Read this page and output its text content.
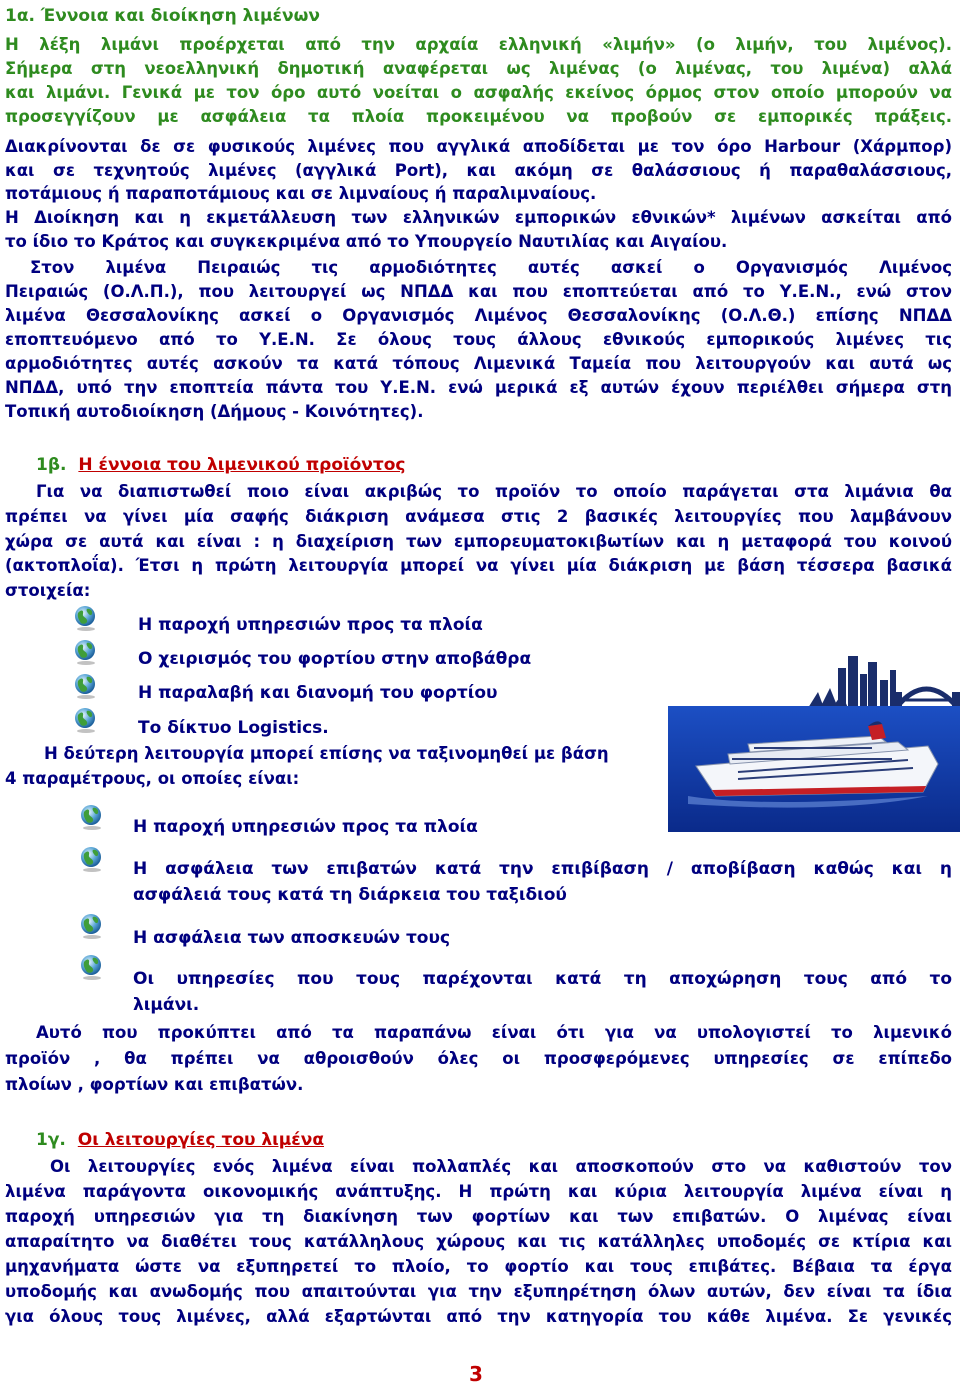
1α. Έννοια και διοίκηση λιμένων
Η λέξη λιμάνι προέρχεται από την αρχαία ελληνική «λιμήν» (ο λιμήν, του λιμένος).
Σήμερα στη νεοελληνική δημοτική αναφέρεται ως λιμένας (ο λιμένας, του λιμένα) αλλά
και λιμάνι. Γενικά με τον όρο αυτό νοείται ο ασφαλής εκείνος όρμος στον οποίο μπορούν να
προσεγγίζουν με ασφάλεια τα πλοία προκειμένου να προβούν σε εμπορικές πράξεις.
Διακρίνονται δε σε φυσικούς λιμένες που αγγλικά αποδίδεται με τον όρο Harbour (Χάρμπορ)
και σε τεχνητούς λιμένες (αγγλικά Port), και ακόμη σε θαλάσσιους ή παραθαλάσσιους,
ποτάμιους ή παραποτάμιους και σε λιμναίους ή παραλιμναίους.
Η Διοίκηση και η εκμετάλλευση των ελληνικών εμπορικών εθνικών* λιμένων ασκείται από
το ίδιο το Κράτος και συγκεκριμένα από το Υπουργείο Ναυτιλίας και Αιγαίου.
Στον λιμένα Πειραιώς τις αρμοδιότητες αυτές ασκεί ο Οργανισμός Λιμένος
Πειραιώς (Ο.Λ.Π.), που λειτουργεί ως ΝΠΔΔ και που εποπτεύεται από το Υ.Ε.Ν., ενώ στον
λιμένα Θεσσαλονίκης ασκεί ο Οργανισμός Λιμένος Θεσσαλονίκης (Ο.Λ.Θ.) επίσης ΝΠΔΔ
εποπτευόμενο από το Υ.Ε.Ν. Σε όλους τους άλλους εθνικούς εμπορικούς λιμένες τις
αρμοδιότητες αυτές ασκούν τα κατά τόπους Λιμενικά Ταμεία που λειτουργούν και αυτά ως
ΝΠΔΔ, υπό την εποπτεία πάντα του Υ.Ε.Ν. ενώ μερικά εξ αυτών έχουν περιέλθει σήμερα στη
Τοπική αυτοδιοίκηση (Δήμους - Κοινότητες).
1β. Η έννοια του λιμενικού προϊόντος
Για να διαπιστωθεί ποιο είναι ακριβώς το προϊόν το οποίο παράγεται στα λιμάνια θα
πρέπει να γίνει μία σαφής διάκριση ανάμεσα στις 2 βασικές λειτουργίες που λαμβάνουν
χώρα σε αυτά και είναι : η διαχείριση των εμπορευματοκιβωτίων και η μεταφορά του κοινού
(ακτοπλοΐα). Έτσι η πρώτη λειτουργία μπορεί να γίνει μία διάκριση με βάση τέσσερα βασικά
στοιχεία:
Η παροχή υπηρεσιών προς τα πλοία
Ο χειρισμός του φορτίου στην αποβάθρα
Η παραλαβή και διανομή του φορτίου
Το δίκτυο Logistics.
Η δεύτερη λειτουργία μπορεί επίσης να ταξινομηθεί με βάση
4 παραμέτρους, οι οποίες είναι:
Η παροχή υπηρεσιών προς τα πλοία
Η ασφάλεια των επιβατών κατά την επιβίβαση / αποβίβαση καθώς και η
ασφάλειά τους κατά τη διάρκεια του ταξιδιού
Η ασφάλεια των αποσκευών τους
Οι υπηρεσίες που τους παρέχονται κατά τη αποχώρηση τους από το
λιμάνι.
Αυτό που προκύπτει από τα παραπάνω είναι ότι για να υπολογιστεί το λιμενικό
προϊόν , θα πρέπει να αθροισθούν όλες οι προσφερόμενες υπηρεσίες σε επίπεδο
πλοίων , φορτίων και επιβατών.
1γ. Οι λειτουργίες του λιμένα
Οι λειτουργίες ενός λιμένα είναι πολλαπλές και αποσκοπούν στο να καθιστούν τον
λιμένα παράγοντα οικονομικής ανάπτυξης. Η πρώτη και κύρια λειτουργία λιμένα είναι η
παροχή υπηρεσιών για τη διακίνηση των φορτίων και των επιβατών. Ο λιμένας είναι
απαραίτητο να διαθέτει τους κατάλληλους χώρους και τις κατάλληλες υποδομές σε κτίρια και
μηχανήματα ώστε να εξυπηρετεί το πλοίο, το φορτίο και τους επιβάτες. Βέβαια τα έργα
υποδομής και ανωδομής που απαιτούνται για την εξυπηρέτηση όλων αυτών, δεν είναι τα ίδια
για όλους τους λιμένες, αλλά εξαρτώνται από την κατηγορία του κάθε λιμένα. Σε γενικές
3
